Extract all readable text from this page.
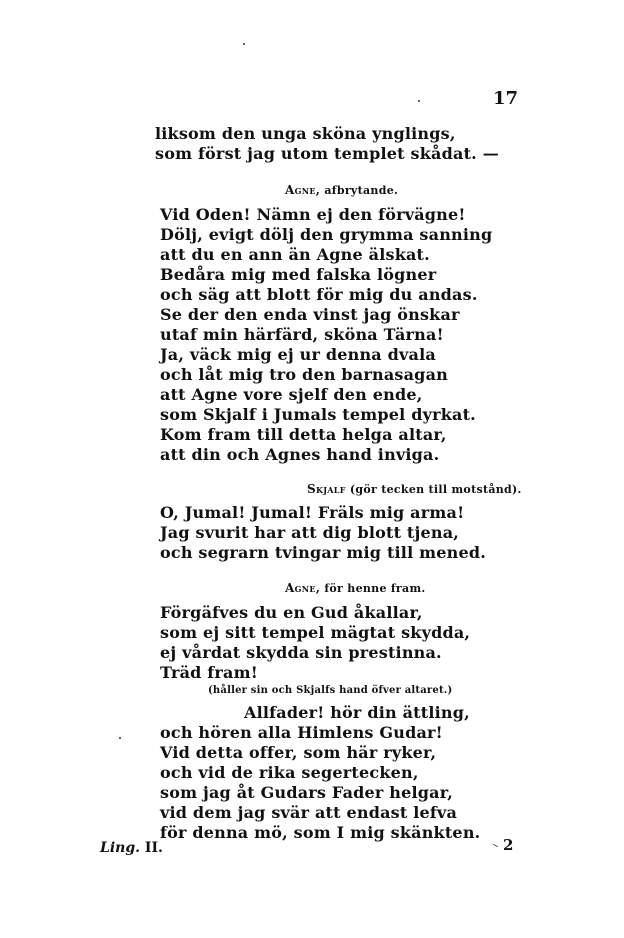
17
liksom den unga sköna ynglings,
som först jag utom templet skådat. —
Agne, afbrytande.
Vid Oden! Nämn ej den förvägne!
Dölj, evigt dölj den grymma sanning
att du en ann än Agne älskat.
Bedåra mig med falska lögner
och säg att blott för mig du andas.
Se der den enda vinst jag önskar
utaf min härfärd, sköna Tärna!
Ja, väck mig ej ur denna dvala
och låt mig tro den barnasagan
att Agne vore sjelf den ende,
som Skjalf i Jumals tempel dyrkat.
Kom fram till detta helga altar,
att din och Agnes hand inviga.
Skjalf (gör tecken till motstånd).
O, Jumal! Jumal! Fräls mig arma!
Jag svurit har att dig blott tjena,
och segrarn tvingar mig till mened.
Agne, för henne fram.
Förgäfves du en Gud åkallar,
som ej sitt tempel mägtat skydda,
ej vårdat skydda sin prestinna.
Träd fram!
(håller sin och Skjalfs hand öfver altaret.)
Allfader! hör din ättling,
och hören alla Himlens Gudar!
Vid detta offer, som här ryker,
och vid de rika segertecken,
som jag åt Gudars Fader helgar,
vid dem jag svär att endast lefva
för denna mö, som I mig skänkten.
Ling. II.	2
